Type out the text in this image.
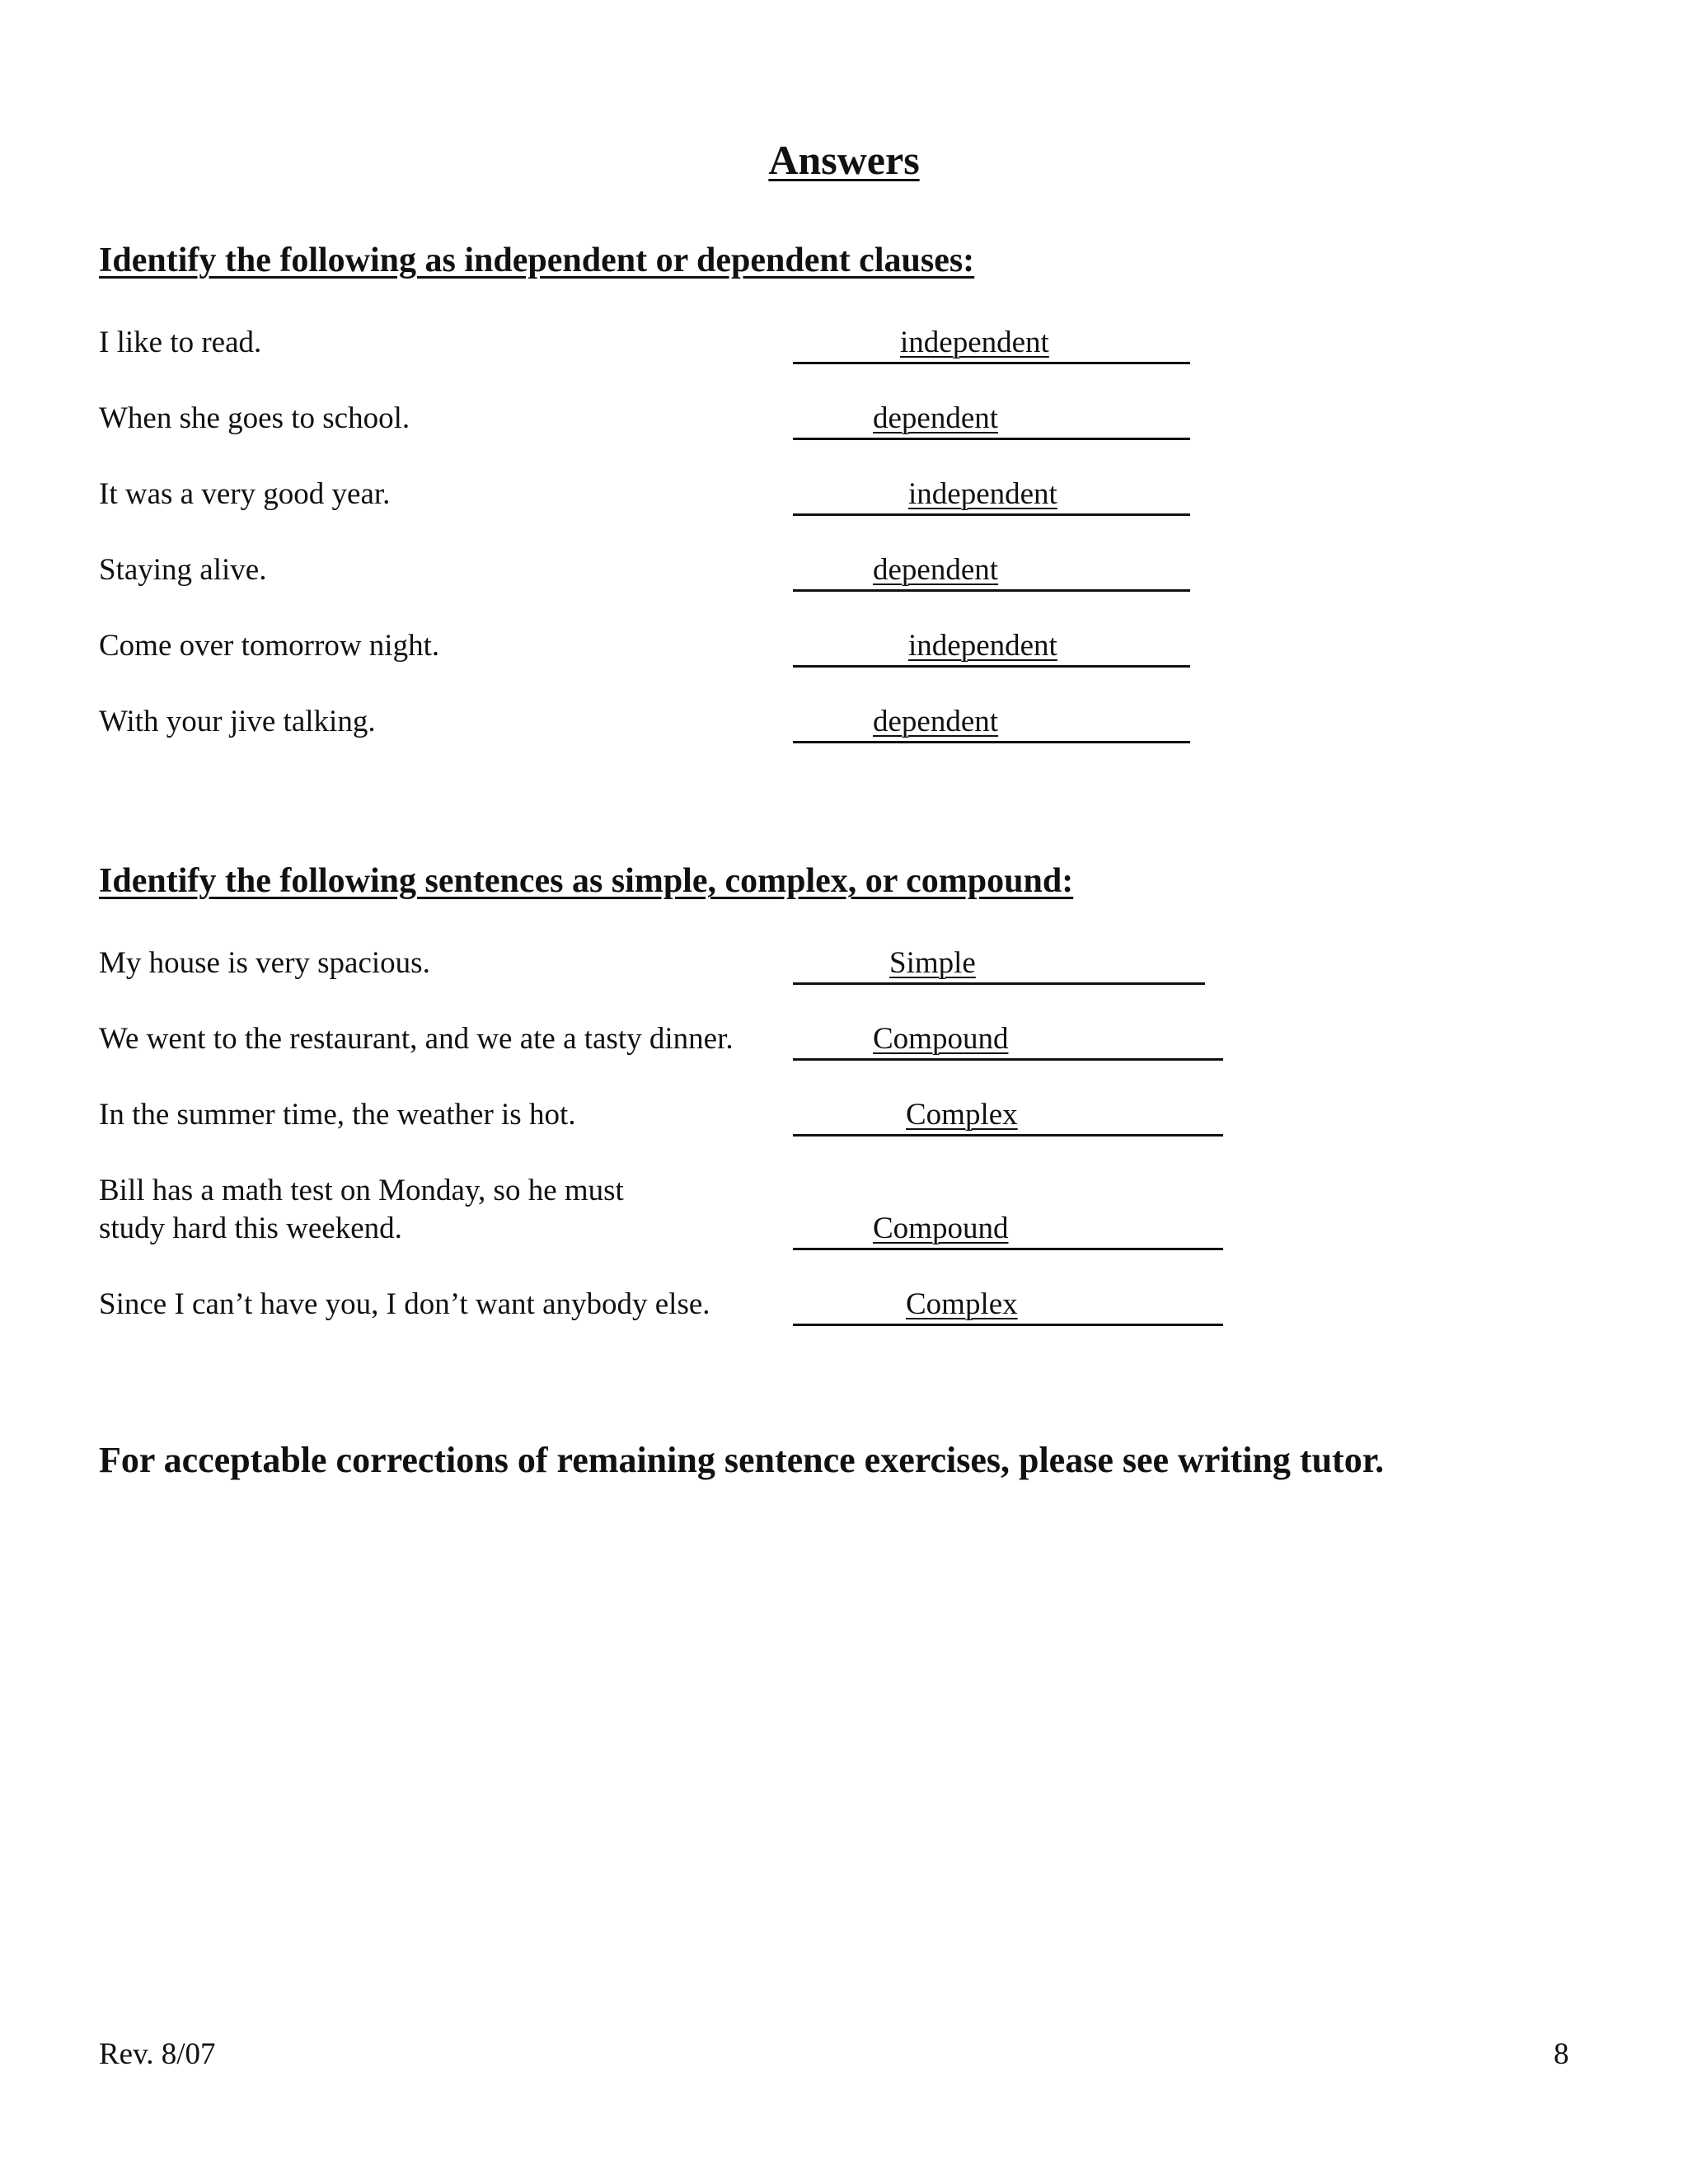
Answers
Identify the following as independent or dependent clauses:
I like to read.	independent
When she goes to school.	dependent
It was a very good year.	independent
Staying alive.	dependent
Come over tomorrow night.	independent
With your jive talking.	dependent
Identify the following sentences as simple, complex, or compound:
My house is very spacious.	Simple
We went to the restaurant, and we ate a tasty dinner.	Compound
In the summer time, the weather is hot.	Complex
Bill has a math test on Monday, so he must
study hard this weekend.	Compound
Since I can’t have you, I don’t want anybody else.	Complex
For acceptable corrections of remaining sentence exercises, please see writing tutor.
Rev. 8/07	8
